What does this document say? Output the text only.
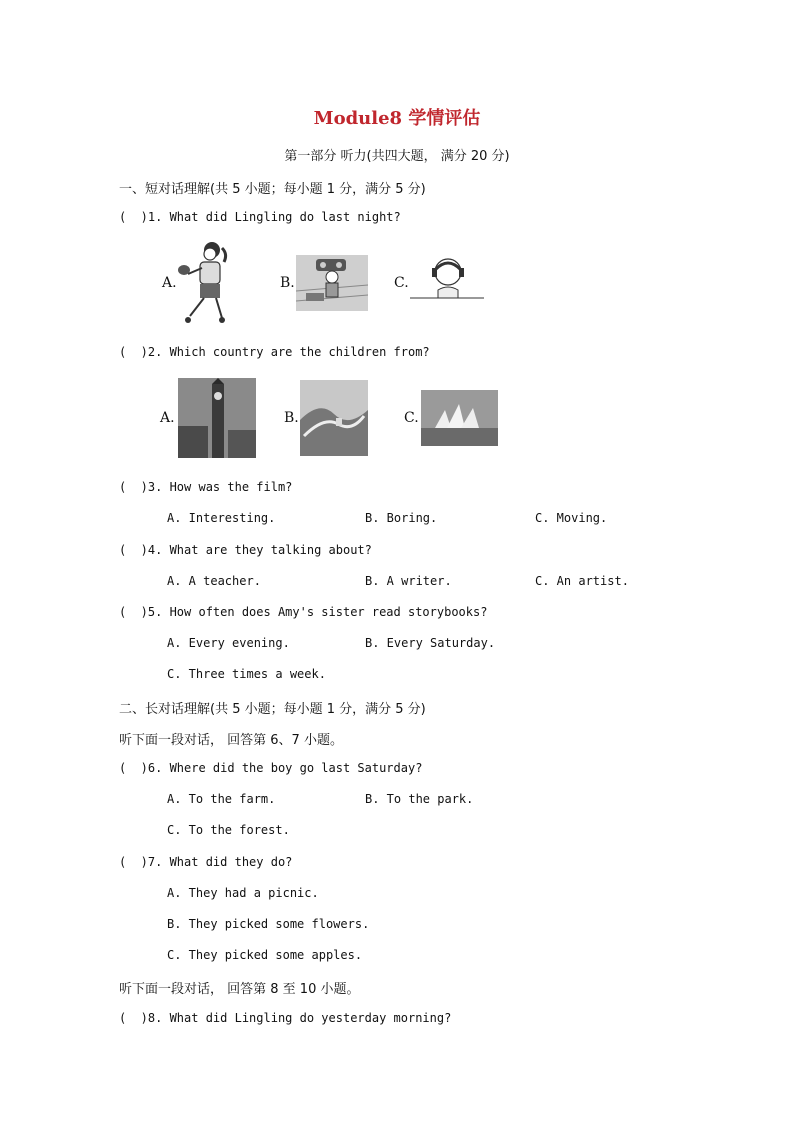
Module8 学情评估
第一部分 听力(共四大题， 满分 20 分)
一、短对话理解(共 5 小题；每小题 1 分，满分 5 分)
(  )1. What did Lingling do last night?
A.	B.	C.
(  )2. Which country are the children from?
A.	B.	C.
(  )3. How was the film?
A. Interesting.	B. Boring.	C. Moving.
(  )4. What are they talking about?
A. A teacher.	B. A writer.	C. An artist.
(  )5. How often does Amy's sister read storybooks?
A. Every evening.	B. Every Saturday.
C. Three times a week.
二、长对话理解(共 5 小题；每小题 1 分，满分 5 分)
听下面一段对话， 回答第 6、7 小题。
(  )6. Where did the boy go last Saturday?
A. To the farm.	B. To the park.
C. To the forest.
(  )7. What did they do?
A. They had a picnic.
B. They picked some flowers.
C. They picked some apples.
听下面一段对话， 回答第 8 至 10 小题。
(  )8. What did Lingling do yesterday morning?
